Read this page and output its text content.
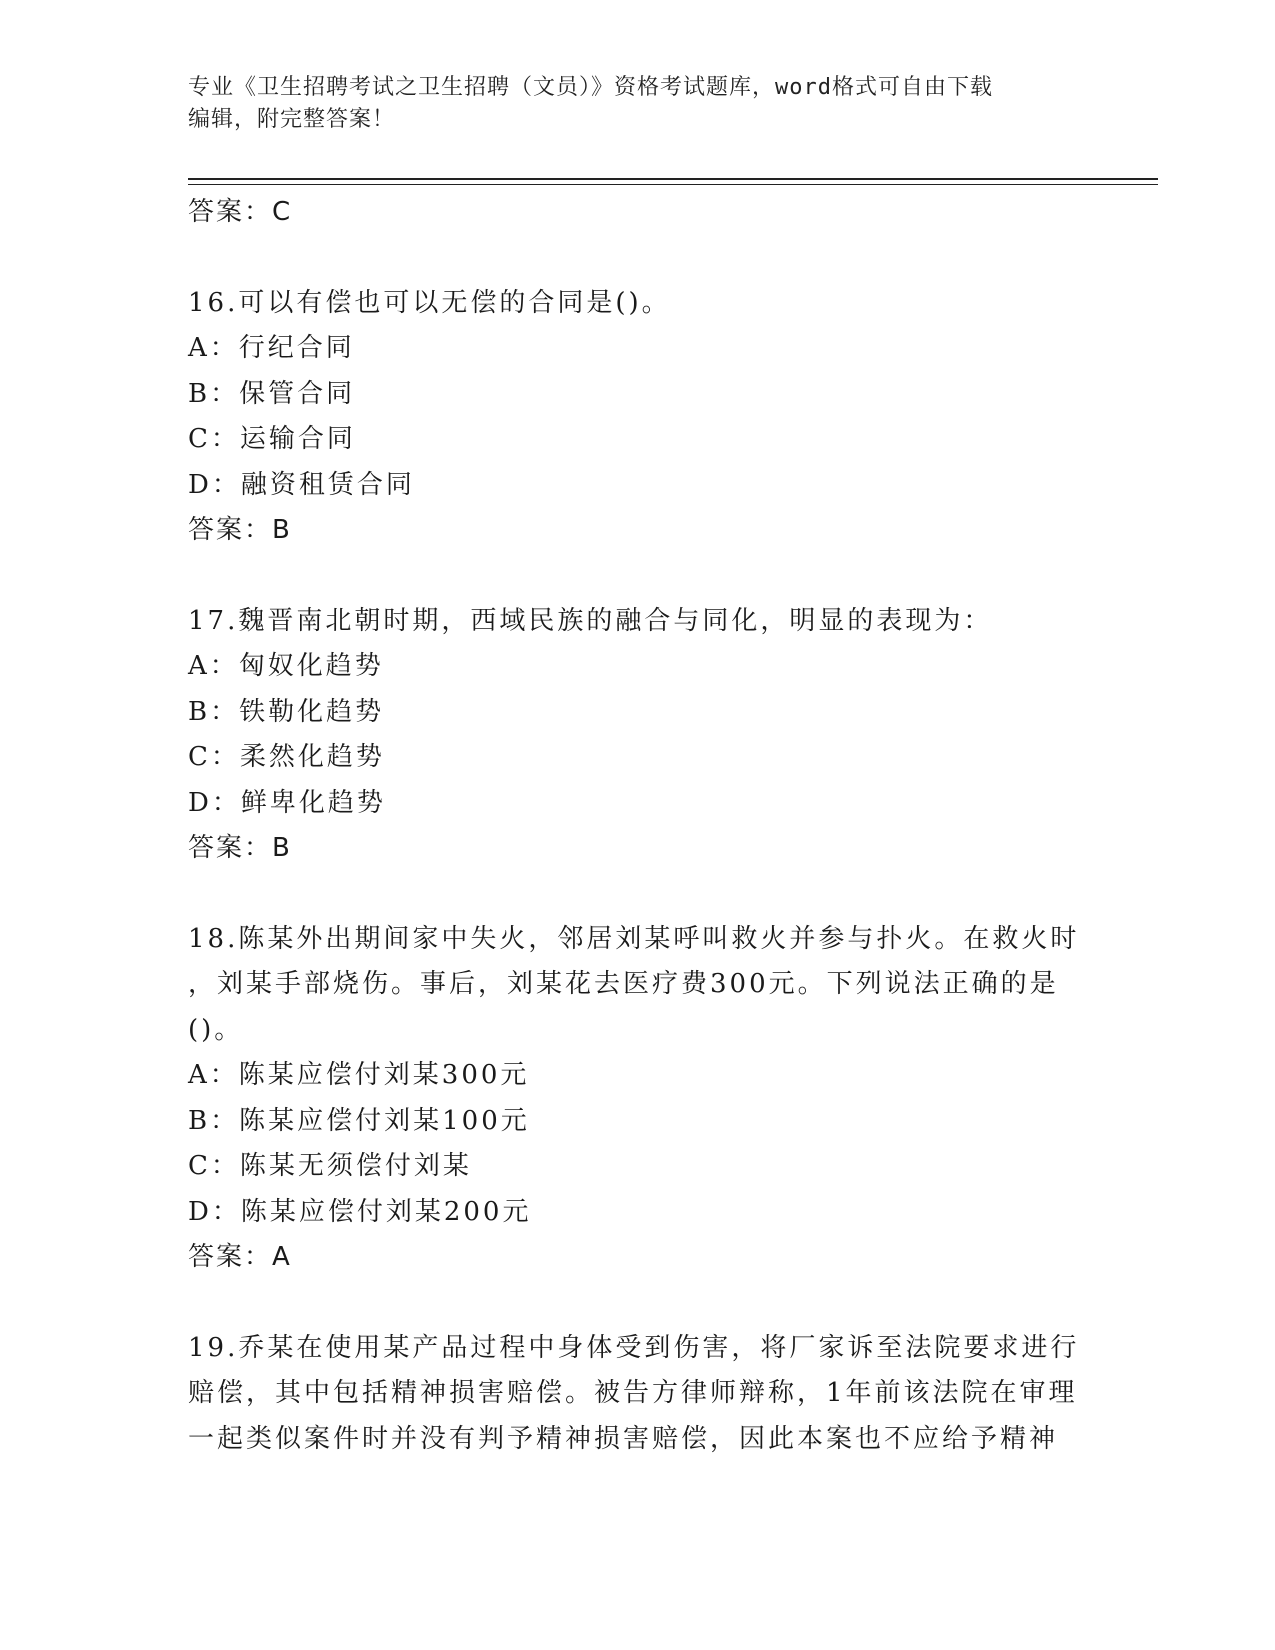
专业《卫生招聘考试之卫生招聘（文员）》资格考试题库，word格式可自由下载
编辑，附完整答案！
答案：C
16.可以有偿也可以无偿的合同是()。
A：行纪合同
B：保管合同
C：运输合同
D：融资租赁合同
答案：B
17.魏晋南北朝时期，西域民族的融合与同化，明显的表现为：
A：匈奴化趋势
B：铁勒化趋势
C：柔然化趋势
D：鲜卑化趋势
答案：B
18.陈某外出期间家中失火，邻居刘某呼叫救火并参与扑火。在救火时
，刘某手部烧伤。事后，刘某花去医疗费300元。下列说法正确的是
()。
A：陈某应偿付刘某300元
B：陈某应偿付刘某100元
C：陈某无须偿付刘某
D：陈某应偿付刘某200元
答案：A
19.乔某在使用某产品过程中身体受到伤害，将厂家诉至法院要求进行
赔偿，其中包括精神损害赔偿。被告方律师辩称，1年前该法院在审理
一起类似案件时并没有判予精神损害赔偿，因此本案也不应给予精神
